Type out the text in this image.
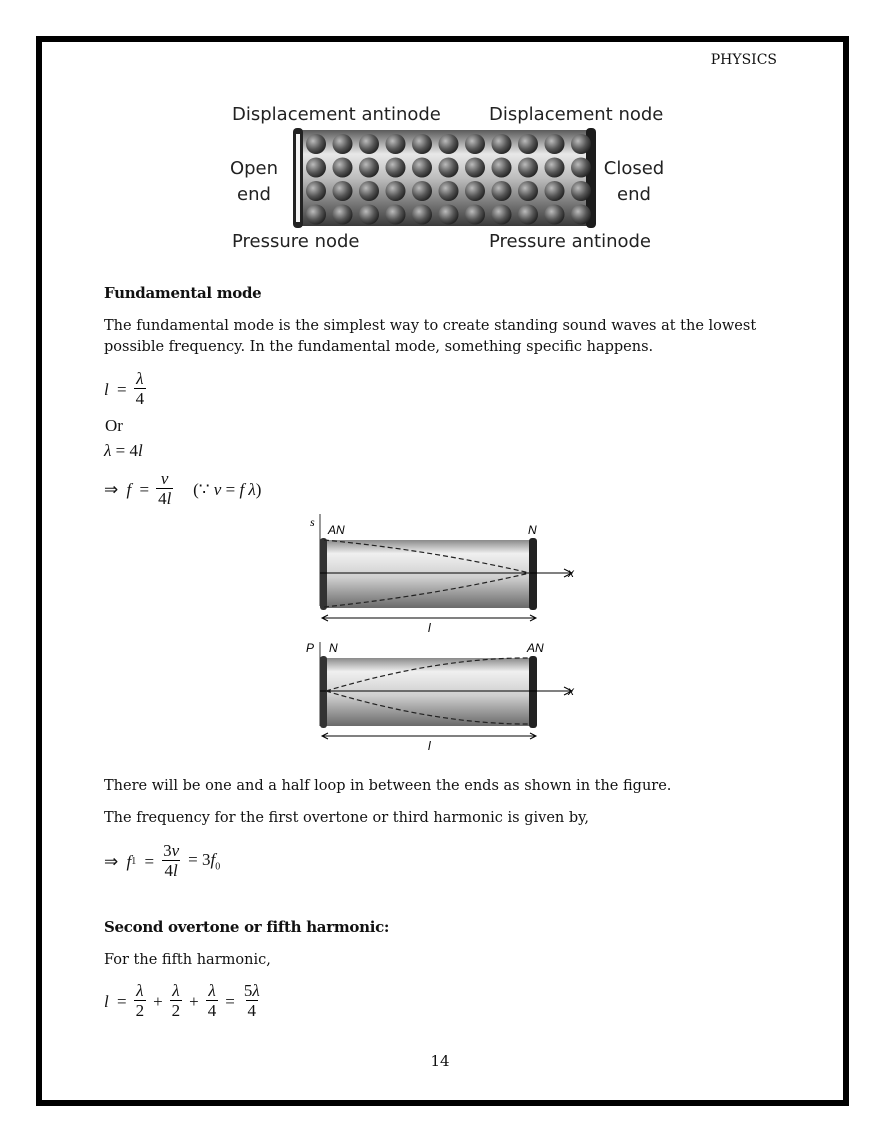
PHYSICS
Displacement antinode	Displacement node
Open
end
Closed
end
Pressure node	Pressure antinode
Fundamental mode
The fundamental mode is the simplest way to create standing sound waves at the lowest possible frequency. In the fundamental mode, something specific happens.
$l = \frac{\lambda}{4}$
Or
λ = 4l
⇒ $f = \frac{v}{4l}$ (∵ v = f λ)
s
AN	N
x
l
P N	AN
x
l
There will be one and a half loop in between the ends as shown in the figure.
The frequency for the first overtone or third harmonic is given by,
⇒ f $1 = \frac{3v}{4l} = 3f_0$
Second overtone or fifth harmonic:
For the fifth harmonic,
$l = \frac{\lambda}{2} + \frac{\lambda}{2} + \frac{\lambda}{4} = \frac{5\lambda}{4}$
14
